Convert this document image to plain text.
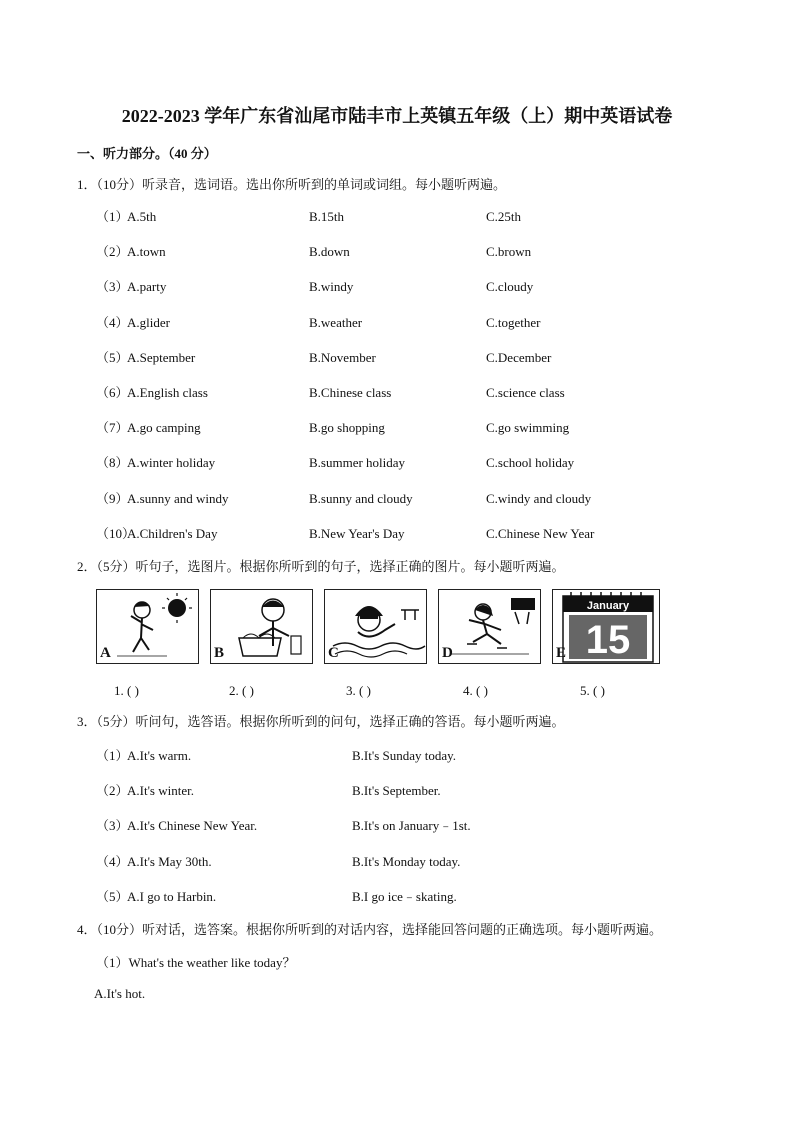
2022-2023 学年广东省汕尾市陆丰市上英镇五年级（上）期中英语试卷
一、听力部分。（40 分）
1．（10分）听录音，选词语。选出你所听到的单词或词组。每小题听两遍。
（1）
A.5th	B.15th	C.25th
（2）
A.town	B.down	C.brown
（3）
A.party	B.windy	C.cloudy
（4）
A.glider	B.weather	C.together
（5）
A.September	B.November	C.December
（6）
A.English class	B.Chinese class	C.science class
（7）
A.go camping	B.go shopping	C.go swimming
（8）
A.winter holiday	B.summer holiday	C.school holiday
（9）
A.sunny and windy	B.sunny and cloudy	C.windy and cloudy
（10）
A.Children's Day	B.New Year's Day	C.Chinese New Year
2．（5分）听句子，选图片。根据你所听到的句子，选择正确的图片。每小题听两遍。
A	B	C	D
January
15
E
1. ( )	2. ( )	3. ( )	4. ( )	5. ( )
3．（5分）听问句，选答语。根据你所听到的问句，选择正确的答语。每小题听两遍。
（1）
A.It's warm.	B.It's Sunday today.
（2）
A.It's winter.	B.It's September.
（3）
A.It's Chinese New Year.	B.It's on January﹣1st.
（4）
A.It's May 30th.	B.It's Monday today.
（5）
A.I go to Harbin.	B.I go ice﹣skating.
4．（10分）听对话，选答案。根据你所听到的对话内容，选择能回答问题的正确选项。每小题听两遍。
（1）What's the weather like today？
A.It's hot.
